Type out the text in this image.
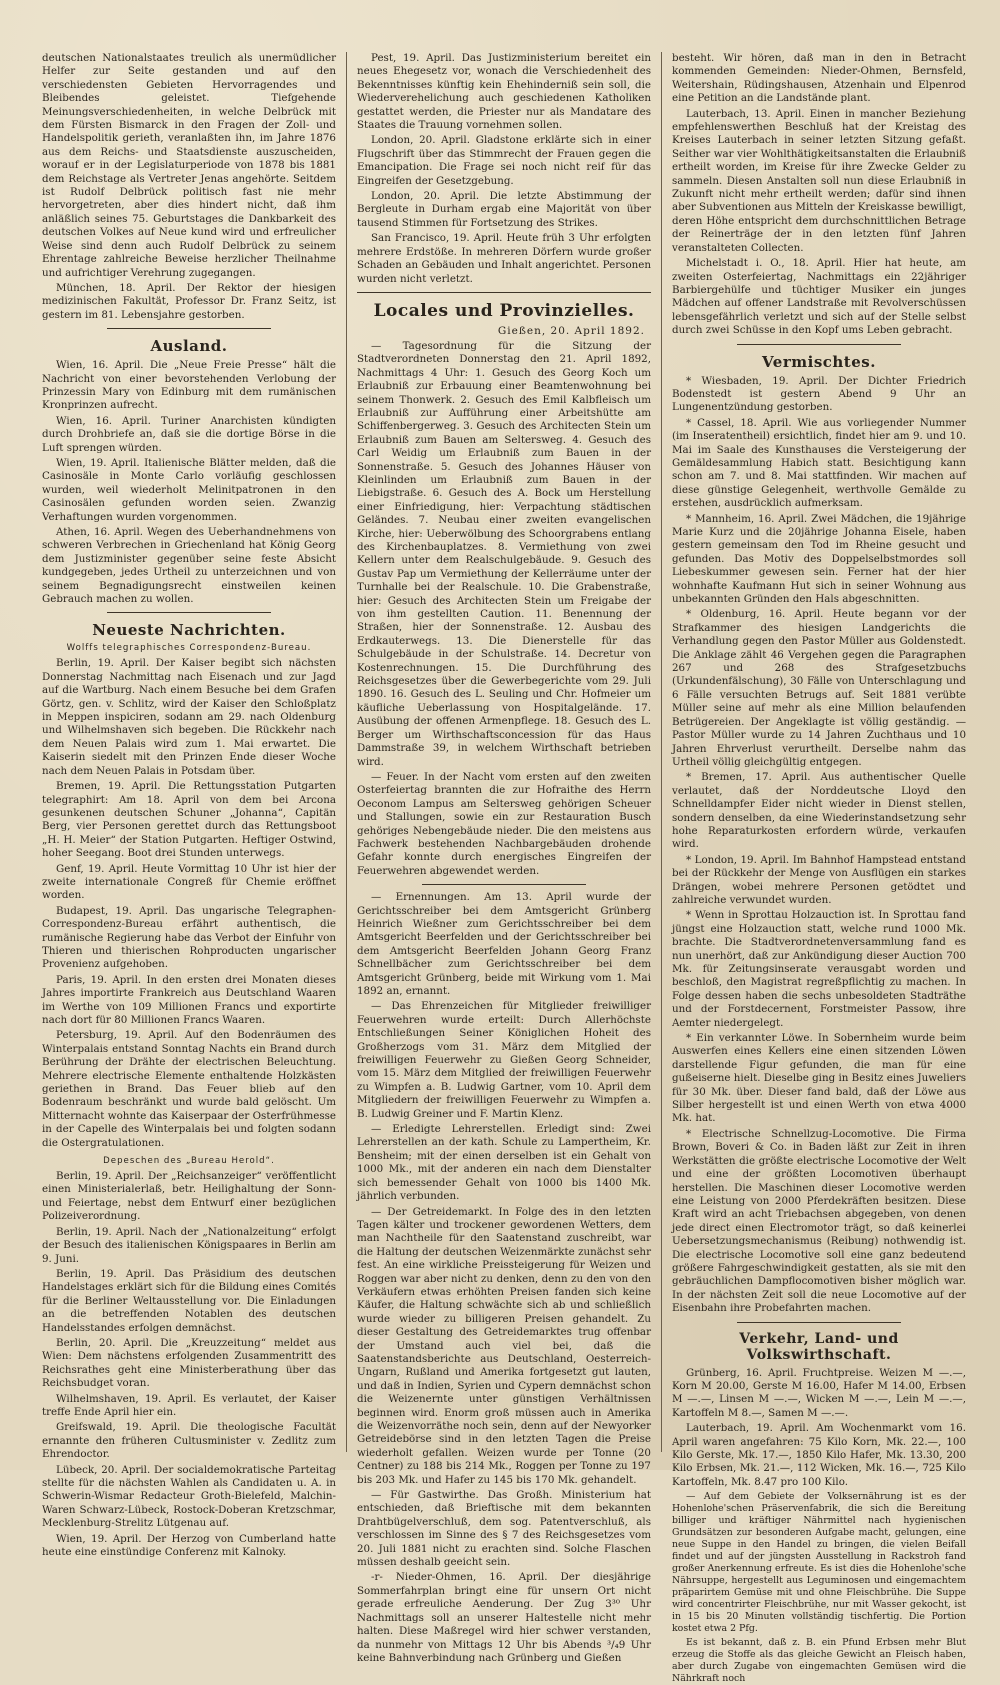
deutschen Nationalstaates treulich als unermüdlicher Helfer zur Seite gestanden und auf den verschiedensten Gebieten Hervorragendes und Bleibendes geleistet. Tiefgehende Meinungsverschiedenheiten, in welche Delbrück mit dem Fürsten Bismarck in den Fragen der Zoll- und Handelspolitik gerieth, veranlaßten ihn, im Jahre 1876 aus dem Reichs- und Staatsdienste auszuscheiden, worauf er in der Legislaturperiode von 1878 bis 1881 dem Reichstage als Vertreter Jenas angehörte. Seitdem ist Rudolf Delbrück politisch fast nie mehr hervorgetreten, aber dies hindert nicht, daß ihm anläßlich seines 75. Geburtstages die Dankbarkeit des deutschen Volkes auf Neue kund wird und erfreulicher Weise sind denn auch Rudolf Delbrück zu seinem Ehrentage zahlreiche Beweise herzlicher Theilnahme und aufrichtiger Verehrung zugegangen.

München, 18. April. Der Rektor der hiesigen medizinischen Fakultät, Professor Dr. Franz Seitz, ist gestern im 81. Lebensjahre gestorben.

Ausland.

Wien, 16. April. Die „Neue Freie Presse“ hält die Nachricht von einer bevorstehenden Verlobung der Prinzessin Mary von Edinburg mit dem rumänischen Kronprinzen aufrecht.

Wien, 16. April. Turiner Anarchisten kündigten durch Drohbriefe an, daß sie die dortige Börse in die Luft sprengen würden.

Wien, 19. April. Italienische Blätter melden, daß die Casinosäle in Monte Carlo vorläufig geschlossen wurden, weil wiederholt Melinitpatronen in den Casinosälen gefunden worden seien. Zwanzig Verhaftungen wurden vorgenommen.

Athen, 16. April. Wegen des Ueberhandnehmens von schweren Verbrechen in Griechenland hat König Georg dem Justizminister gegenüber seine feste Absicht kundgegeben, jedes Urtheil zu unterzeichnen und von seinem Begnadigungsrecht einstweilen keinen Gebrauch machen zu wollen.

Neueste Nachrichten.
Wolffs telegraphisches Correspondenz-Bureau.

Berlin, 19. April. Der Kaiser begibt sich nächsten Donnerstag Nachmittag nach Eisenach und zur Jagd auf die Wartburg. Nach einem Besuche bei dem Grafen Görtz, gen. v. Schlitz, wird der Kaiser den Schloßplatz in Meppen inspiciren, sodann am 29. nach Oldenburg und Wilhelmshaven sich begeben. Die Rückkehr nach dem Neuen Palais wird zum 1. Mai erwartet. Die Kaiserin siedelt mit den Prinzen Ende dieser Woche nach dem Neuen Palais in Potsdam über.

Bremen, 19. April. Die Rettungsstation Putgarten telegraphirt: Am 18. April von dem bei Arcona gesunkenen deutschen Schuner „Johanna“, Capitän Berg, vier Personen gerettet durch das Rettungsboot „H. H. Meier“ der Station Putgarten. Heftiger Ostwind, hoher Seegang. Boot drei Stunden unterwegs.

Genf, 19. April. Heute Vormittag 10 Uhr ist hier der zweite internationale Congreß für Chemie eröffnet worden.

Budapest, 19. April. Das ungarische Telegraphen-Correspondenz-Bureau erfährt authentisch, die rumänische Regierung habe das Verbot der Einfuhr von Thieren und thierischen Rohproducten ungarischer Provenienz aufgehoben.

Paris, 19. April. In den ersten drei Monaten dieses Jahres importirte Frankreich aus Deutschland Waaren im Werthe von 109 Millionen Francs und exportirte nach dort für 80 Millionen Francs Waaren.

Petersburg, 19. April. Auf den Bodenräumen des Winterpalais entstand Sonntag Nachts ein Brand durch Berührung der Drähte der electrischen Beleuchtung. Mehrere electrische Elemente enthaltende Holzkästen geriethen in Brand. Das Feuer blieb auf den Bodenraum beschränkt und wurde bald gelöscht. Um Mitternacht wohnte das Kaiserpaar der Osterfrühmesse in der Capelle des Winterpalais bei und folgten sodann die Ostergratulationen.

Depeschen des „Bureau Herold“.

Berlin, 19. April. Der „Reichsanzeiger“ veröffentlicht einen Ministerialerlaß, betr. Heilighaltung der Sonn- und Feiertage, nebst dem Entwurf einer bezüglichen Polizeiverordnung.

Berlin, 19. April. Nach der „Nationalzeitung“ erfolgt der Besuch des italienischen Königspaares in Berlin am 9. Juni.

Berlin, 19. April. Das Präsidium des deutschen Handelstages erklärt sich für die Bildung eines Comités für die Berliner Weltausstellung vor. Die Einladungen an die betreffenden Notablen des deutschen Handelsstandes erfolgen demnächst.

Berlin, 20. April. Die „Kreuzzeitung“ meldet aus Wien: Dem nächstens erfolgenden Zusammentritt des Reichsrathes geht eine Ministerberathung über das Reichsbudget voran.

Wilhelmshaven, 19. April. Es verlautet, der Kaiser treffe Ende April hier ein.

Greifswald, 19. April. Die theologische Facultät ernannte den früheren Cultusminister v. Zedlitz zum Ehrendoctor.

Lübeck, 20. April. Der socialdemokratische Parteitag stellte für die nächsten Wahlen als Candidaten u. A. in Schwerin-Wismar Redacteur Groth-Bielefeld, Malchin-Waren Schwarz-Lübeck, Rostock-Doberan Kretzschmar, Mecklenburg-Strelitz Lütgenau auf.

Wien, 19. April. Der Herzog von Cumberland hatte heute eine einstündige Conferenz mit Kalnoky.

Pest, 19. April. Das Justizministerium bereitet ein neues Ehegesetz vor, wonach die Verschiedenheit des Bekenntnisses künftig kein Ehehinderniß sein soll, die Wiederverehelichung auch geschiedenen Katholiken gestattet werden, die Priester nur als Mandatare des Staates die Trauung vornehmen sollen.

London, 20. April. Gladstone erklärte sich in einer Flugschrift über das Stimmrecht der Frauen gegen die Emancipation. Die Frage sei noch nicht reif für das Eingreifen der Gesetzgebung.

London, 20. April. Die letzte Abstimmung der Bergleute in Durham ergab eine Majorität von über tausend Stimmen für Fortsetzung des Strikes.

San Francisco, 19. April. Heute früh 3 Uhr erfolgten mehrere Erdstöße. In mehreren Dörfern wurde großer Schaden an Gebäuden und Inhalt angerichtet. Personen wurden nicht verletzt.

Locales und Provinzielles.
Gießen, 20. April 1892.

— Tagesordnung für die Sitzung der Stadtverordneten Donnerstag den 21. April 1892, Nachmittags 4 Uhr: 1. Gesuch des Georg Koch um Erlaubniß zur Erbauung einer Beamtenwohnung bei seinem Thonwerk. 2. Gesuch des Emil Kalbfleisch um Erlaubniß zur Aufführung einer Arbeitshütte am Schiffenbergerweg. 3. Gesuch des Architecten Stein um Erlaubniß zum Bauen am Seltersweg. 4. Gesuch des Carl Weidig um Erlaubniß zum Bauen in der Sonnenstraße. 5. Gesuch des Johannes Häuser von Kleinlinden um Erlaubniß zum Bauen in der Liebigstraße. 6. Gesuch des A. Bock um Herstellung einer Einfriedigung, hier: Verpachtung städtischen Geländes. 7. Neubau einer zweiten evangelischen Kirche, hier: Ueberwölbung des Schoorgrabens entlang des Kirchenbauplatzes. 8. Vermiethung von zwei Kellern unter dem Realschulgebäude. 9. Gesuch des Gustav Pap um Vermiethung der Kellerräume unter der Turnhalle bei der Realschule. 10. Die Grabenstraße, hier: Gesuch des Architecten Stein um Freigabe der von ihm gestellten Caution. 11. Benennung der Straßen, hier der Sonnenstraße. 12. Ausbau des Erdkauterwegs. 13. Die Dienerstelle für das Schulgebäude in der Schulstraße. 14. Decretur von Kostenrechnungen. 15. Die Durchführung des Reichsgesetzes über die Gewerbegerichte vom 29. Juli 1890. 16. Gesuch des L. Seuling und Chr. Hofmeier um käufliche Ueberlassung von Hospitalgelände. 17. Ausübung der offenen Armenpflege. 18. Gesuch des L. Berger um Wirthschaftsconcession für das Haus Dammstraße 39, in welchem Wirthschaft betrieben wird.

— Feuer. In der Nacht vom ersten auf den zweiten Osterfeiertag brannten die zur Hofraithe des Herrn Oeconom Lampus am Seltersweg gehörigen Scheuer und Stallungen, sowie ein zur Restauration Busch gehöriges Nebengebäude nieder. Die den meistens aus Fachwerk bestehenden Nachbargebäuden drohende Gefahr konnte durch energisches Eingreifen der Feuerwehren abgewendet werden.

— Ernennungen. Am 13. April wurde der Gerichtsschreiber bei dem Amtsgericht Grünberg Heinrich Wießner zum Gerichtsschreiber bei dem Amtsgericht Beerfelden und der Gerichtsschreiber bei dem Amtsgericht Beerfelden Johann Georg Franz Schnellbächer zum Gerichtsschreiber bei dem Amtsgericht Grünberg, beide mit Wirkung vom 1. Mai 1892 an, ernannt.

— Das Ehrenzeichen für Mitglieder freiwilliger Feuerwehren wurde erteilt: Durch Allerhöchste Entschließungen Seiner Königlichen Hoheit des Großherzogs vom 31. März dem Mitglied der freiwilligen Feuerwehr zu Gießen Georg Schneider, vom 15. März dem Mitglied der freiwilligen Feuerwehr zu Wimpfen a. B. Ludwig Gartner, vom 10. April dem Mitgliedern der freiwilligen Feuerwehr zu Wimpfen a. B. Ludwig Greiner und F. Martin Klenz.

— Erledigte Lehrerstellen. Erledigt sind: Zwei Lehrerstellen an der kath. Schule zu Lampertheim, Kr. Bensheim; mit der einen derselben ist ein Gehalt von 1000 Mk., mit der anderen ein nach dem Dienstalter sich bemessender Gehalt von 1000 bis 1400 Mk. jährlich verbunden.

— Der Getreidemarkt. In Folge des in den letzten Tagen kälter und trockener gewordenen Wetters, dem man Nachtheile für den Saatenstand zuschreibt, war die Haltung der deutschen Weizenmärkte zunächst sehr fest. An eine wirkliche Preissteigerung für Weizen und Roggen war aber nicht zu denken, denn zu den von den Verkäufern etwas erhöhten Preisen fanden sich keine Käufer, die Haltung schwächte sich ab und schließlich wurde wieder zu billigeren Preisen gehandelt. Zu dieser Gestaltung des Getreidemarktes trug offenbar der Umstand auch viel bei, daß die Saatenstandsberichte aus Deutschland, Oesterreich-Ungarn, Rußland und Amerika fortgesetzt gut lauten, und daß in Indien, Syrien und Cypern demnächst schon die Weizenernte unter günstigen Verhältnissen beginnen wird. Enorm groß müssen auch in Amerika die Weizenvorräthe noch sein, denn auf der Newyorker Getreidebörse sind in den letzten Tagen die Preise wiederholt gefallen. Weizen wurde per Tonne (20 Centner) zu 188 bis 214 Mk., Roggen per Tonne zu 197 bis 203 Mk. und Hafer zu 145 bis 170 Mk. gehandelt.

— Für Gastwirthe. Das Großh. Ministerium hat entschieden, daß Brieftische mit dem bekannten Drahtbügelverschluß, dem sog. Patentverschluß, als verschlossen im Sinne des § 7 des Reichsgesetzes vom 20. Juli 1881 nicht zu erachten sind. Solche Flaschen müssen deshalb geeicht sein.

-r- Nieder-Ohmen, 16. April. Der diesjährige Sommerfahrplan bringt eine für unsern Ort nicht gerade erfreuliche Aenderung. Der Zug 3³⁰ Uhr Nachmittags soll an unserer Haltestelle nicht mehr halten. Diese Maßregel wird hier schwer verstanden, da nunmehr von Mittags 12 Uhr bis Abends ³/₄9 Uhr keine Bahnverbindung nach Grünberg und Gießen

besteht. Wir hören, daß man in den in Betracht kommenden Gemeinden: Nieder-Ohmen, Bernsfeld, Weitershain, Rüdingshausen, Atzenhain und Elpenrod eine Petition an die Landstände plant.

Lauterbach, 13. April. Einen in mancher Beziehung empfehlenswerthen Beschluß hat der Kreistag des Kreises Lauterbach in seiner letzten Sitzung gefaßt. Seither war vier Wohlthätigkeitsanstalten die Erlaubniß ertheilt worden, im Kreise für ihre Zwecke Gelder zu sammeln. Diesen Anstalten soll nun diese Erlaubniß in Zukunft nicht mehr ertheilt werden; dafür sind ihnen aber Subventionen aus Mitteln der Kreiskasse bewilligt, deren Höhe entspricht dem durchschnittlichen Betrage der Reinerträge der in den letzten fünf Jahren veranstalteten Collecten.

Michelstadt i. O., 18. April. Hier hat heute, am zweiten Osterfeiertag, Nachmittags ein 22jähriger Barbiergehülfe und tüchtiger Musiker ein junges Mädchen auf offener Landstraße mit Revolverschüssen lebensgefährlich verletzt und sich auf der Stelle selbst durch zwei Schüsse in den Kopf ums Leben gebracht.

Vermischtes.

* Wiesbaden, 19. April. Der Dichter Friedrich Bodenstedt ist gestern Abend 9 Uhr an Lungenentzündung gestorben.

* Cassel, 18. April. Wie aus vorliegender Nummer (im Inseratentheil) ersichtlich, findet hier am 9. und 10. Mai im Saale des Kunsthauses die Versteigerung der Gemäldesammlung Habich statt. Besichtigung kann schon am 7. und 8. Mai stattfinden. Wir machen auf diese günstige Gelegenheit, werthvolle Gemälde zu erstehen, ausdrücklich aufmerksam.

* Mannheim, 16. April. Zwei Mädchen, die 19jährige Marie Kurz und die 20jährige Johanna Eisele, haben gestern gemeinsam den Tod im Rheine gesucht und gefunden. Das Motiv des Doppelselbstmordes soll Liebeskummer gewesen sein. Ferner hat der hier wohnhafte Kaufmann Hut sich in seiner Wohnung aus unbekannten Gründen den Hals abgeschnitten.

* Oldenburg, 16. April. Heute begann vor der Strafkammer des hiesigen Landgerichts die Verhandlung gegen den Pastor Müller aus Goldenstedt. Die Anklage zählt 46 Vergehen gegen die Paragraphen 267 und 268 des Strafgesetzbuchs (Urkundenfälschung), 30 Fälle von Unterschlagung und 6 Fälle versuchten Betrugs auf. Seit 1881 verübte Müller seine auf mehr als eine Million belaufenden Betrügereien. Der Angeklagte ist völlig geständig. — Pastor Müller wurde zu 14 Jahren Zuchthaus und 10 Jahren Ehrverlust verurtheilt. Derselbe nahm das Urtheil völlig gleichgültig entgegen.

* Bremen, 17. April. Aus authentischer Quelle verlautet, daß der Norddeutsche Lloyd den Schnelldampfer Eider nicht wieder in Dienst stellen, sondern denselben, da eine Wiederinstandsetzung sehr hohe Reparaturkosten erfordern würde, verkaufen wird.

* London, 19. April. Im Bahnhof Hampstead entstand bei der Rückkehr der Menge von Ausflügen ein starkes Drängen, wobei mehrere Personen getödtet und zahlreiche verwundet wurden.

* Wenn in Sprottau Holzauction ist. In Sprottau fand jüngst eine Holzauction statt, welche rund 1000 Mk. brachte. Die Stadtverordnetenversammlung fand es nun unerhört, daß zur Ankündigung dieser Auction 700 Mk. für Zeitungsinserate verausgabt worden und beschloß, den Magistrat regreßpflichtig zu machen. In Folge dessen haben die sechs unbesoldeten Stadträthe und der Forstdecernent, Forstmeister Passow, ihre Aemter niedergelegt.

* Ein verkannter Löwe. In Sobernheim wurde beim Auswerfen eines Kellers eine einen sitzenden Löwen darstellende Figur gefunden, die man für eine gußeiserne hielt. Dieselbe ging in Besitz eines Juweliers für 30 Mk. über. Dieser fand bald, daß der Löwe aus Silber hergestellt ist und einen Werth von etwa 4000 Mk. hat.

* Electrische Schnellzug-Locomotive. Die Firma Brown, Boveri & Co. in Baden läßt zur Zeit in ihren Werkstätten die größte electrische Locomotive der Welt und eine der größten Locomotiven überhaupt herstellen. Die Maschinen dieser Locomotive werden eine Leistung von 2000 Pferdekräften besitzen. Diese Kraft wird an acht Triebachsen abgegeben, von denen jede direct einen Electromotor trägt, so daß keinerlei Uebersetzungsmechanismus (Reibung) nothwendig ist. Die electrische Locomotive soll eine ganz bedeutend größere Fahrgeschwindigkeit gestatten, als sie mit den gebräuchlichen Dampflocomotiven bisher möglich war. In der nächsten Zeit soll die neue Locomotive auf der Eisenbahn ihre Probefahrten machen.

Verkehr, Land- und Volkswirthschaft.

Grünberg, 16. April. Fruchtpreise. Weizen M —.—, Korn M 20.00, Gerste M 16.00, Hafer M 14.00, Erbsen M —.—, Linsen M —.—, Wicken M —.—, Lein M —.—, Kartoffeln M 8.—, Samen M —.—.

Lauterbach, 19. April. Am Wochenmarkt vom 16. April waren angefahren: 75 Kilo Korn, Mk. 22.—, 100 Kilo Gerste, Mk. 17.—, 1850 Kilo Hafer, Mk. 13.30, 200 Kilo Erbsen, Mk. 21.—, 112 Wicken, Mk. 16.—, 725 Kilo Kartoffeln, Mk. 8.47 pro 100 Kilo.

— Auf dem Gebiete der Volksernährung ist es der Hohenlohe'schen Präservenfabrik, die sich die Bereitung billiger und kräftiger Nährmittel nach hygienischen Grundsätzen zur besonderen Aufgabe macht, gelungen, eine neue Suppe in den Handel zu bringen, die vielen Beifall findet und auf der jüngsten Ausstellung in Rackstroh fand großer Anerkennung erfreute. Es ist dies die Hohenlohe'sche Nährsuppe, hergestellt aus Leguminosen und eingemachtem präparirtem Gemüse mit und ohne Fleischbrühe. Die Suppe wird concentrirter Fleischbrühe, nur mit Wasser gekocht, ist in 15 bis 20 Minuten vollständig tischfertig. Die Portion kostet etwa 2 Pfg.

Es ist bekannt, daß z. B. ein Pfund Erbsen mehr Blut erzeug die Stoffe als das gleiche Gewicht an Fleisch haben, aber durch Zugabe von eingemachten Gemüsen wird die Nährkraft noch
